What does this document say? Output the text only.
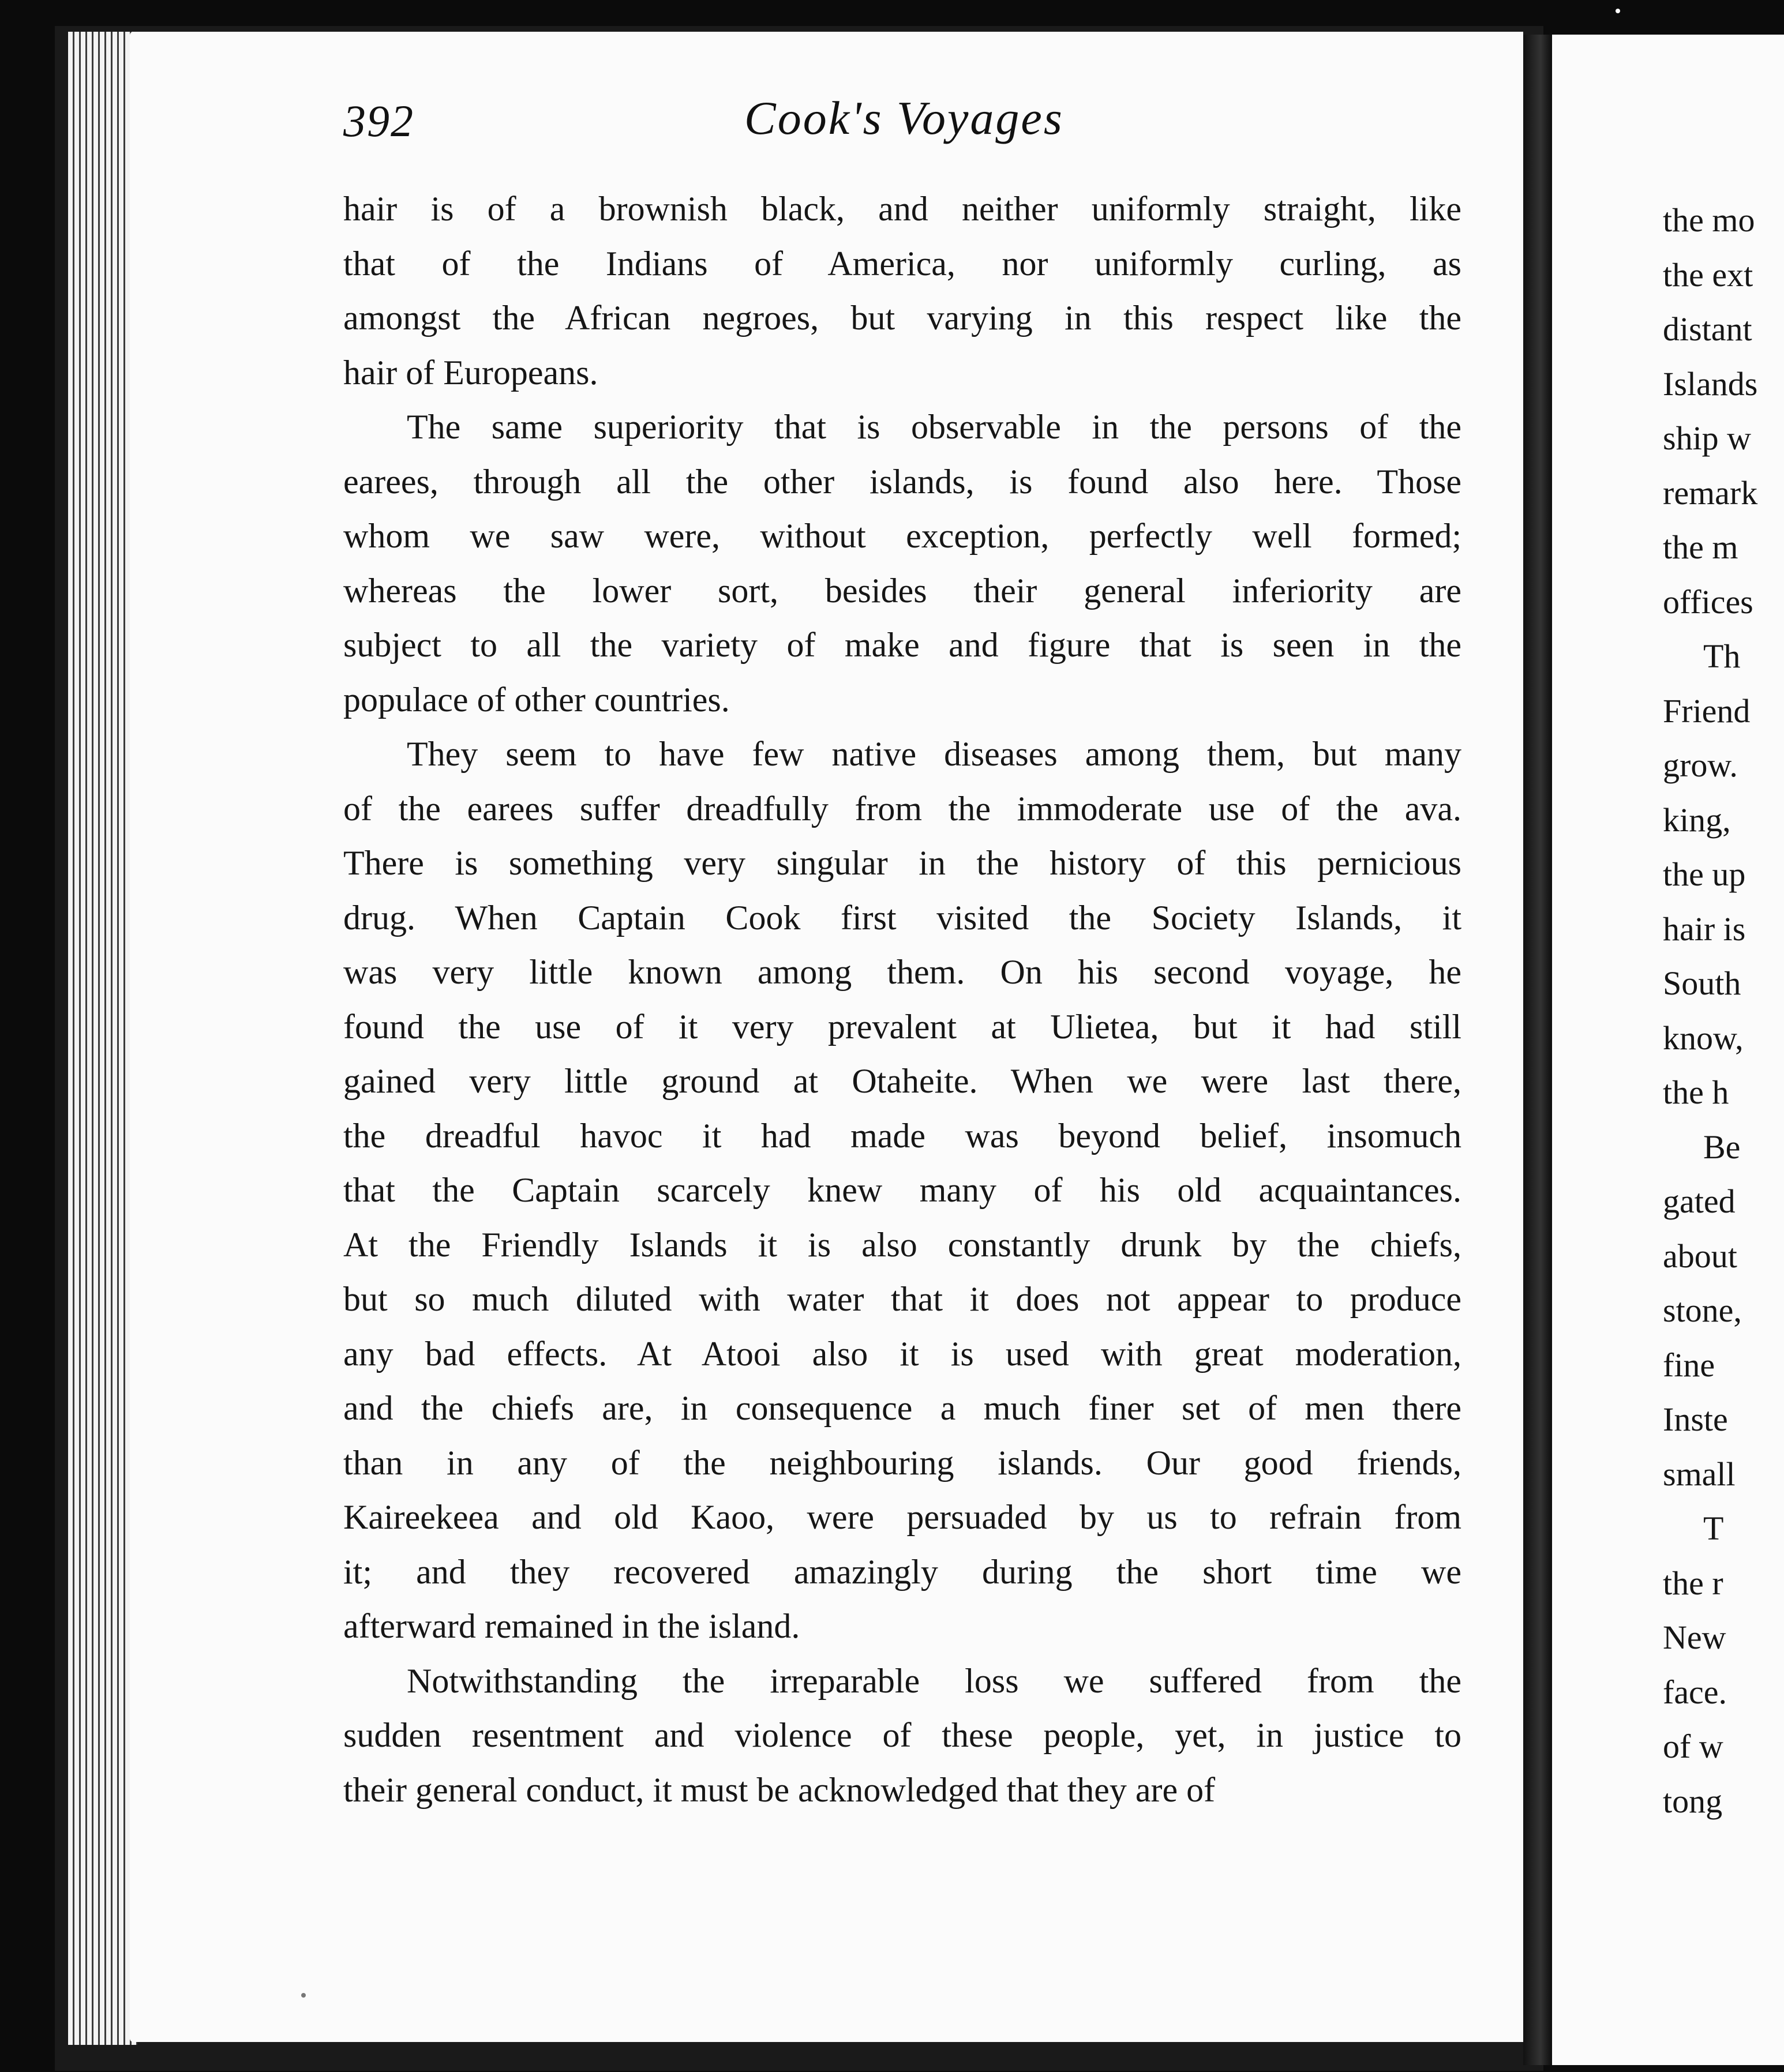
392	Cook's Voyages

hair is of a brownish black, and neither uniformly straight, like
that of the Indians of America, nor uniformly curling, as
amongst the African negroes, but varying in this respect like the
hair of Europeans.

The same superiority that is observable in the persons of the
earees, through all the other islands, is found also here. Those
whom we saw were, without exception, perfectly well formed;
whereas the lower sort, besides their general inferiority are
subject to all the variety of make and figure that is seen in the
populace of other countries.

They seem to have few native diseases among them, but many
of the earees suffer dreadfully from the immoderate use of the ava.
There is something very singular in the history of this pernicious
drug. When Captain Cook first visited the Society Islands, it
was very little known among them. On his second voyage, he
found the use of it very prevalent at Ulietea, but it had still
gained very little ground at Otaheite. When we were last there,
the dreadful havoc it had made was beyond belief, insomuch
that the Captain scarcely knew many of his old acquaintances.
At the Friendly Islands it is also constantly drunk by the chiefs,
but so much diluted with water that it does not appear to produce
any bad effects. At Atooi also it is used with great moderation,
and the chiefs are, in consequence a much finer set of men there
than in any of the neighbouring islands. Our good friends,
Kaireekeea and old Kaoo, were persuaded by us to refrain from
it; and they recovered amazingly during the short time we
afterward remained in the island.

Notwithstanding the irreparable loss we suffered from the
sudden resentment and violence of these people, yet, in justice to
their general conduct, it must be acknowledged that they are of

the mo
the ext
distant
Islands
ship w
remark
the m
offices
Th
Friend
grow.
king,
the up
hair is
South
know,
the h
Be
gated
about
stone,
fine
Inste
small
T
the r
New
face.
of w
tong
